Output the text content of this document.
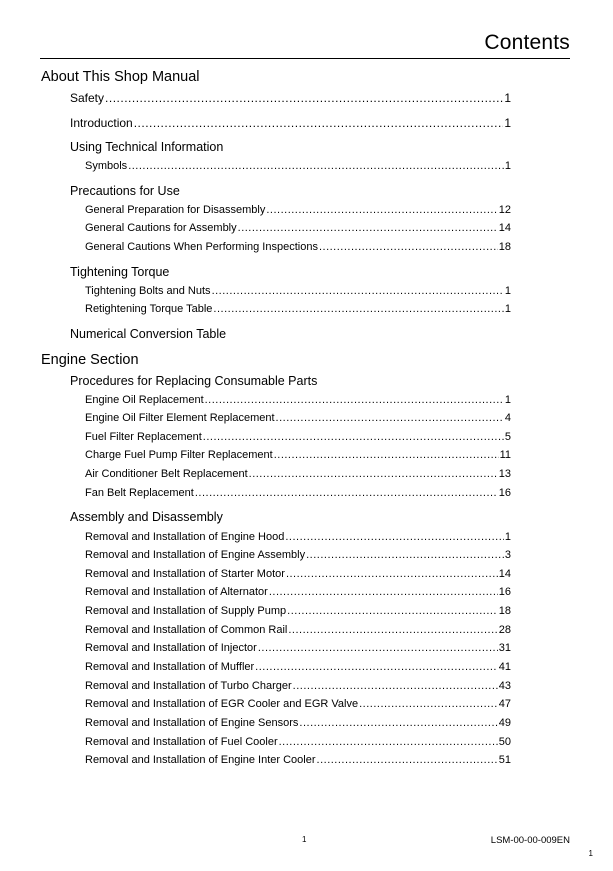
Contents
About This Shop Manual
Safety .....	1
Introduction .....	1
Using Technical Information
Symbols .....	1
Precautions for Use
General Preparation for Disassembly .....	12
General Cautions for Assembly .....	14
General Cautions When Performing Inspections .....	18
Tightening Torque
Tightening Bolts and Nuts .....	1
Retightening Torque Table .....	1
Numerical Conversion Table
Engine Section
Procedures for Replacing Consumable Parts
Engine Oil Replacement .....	1
Engine Oil Filter Element Replacement .....	4
Fuel Filter Replacement .....	5
Charge Fuel Pump Filter Replacement .....	11
Air Conditioner Belt Replacement .....	13
Fan Belt Replacement .....	16
Assembly and Disassembly
Removal and Installation of Engine Hood .....	1
Removal and Installation of Engine Assembly .....	3
Removal and Installation of Starter Motor .....	14
Removal and Installation of Alternator .....	16
Removal and Installation of Supply Pump .....	18
Removal and Installation of Common Rail .....	28
Removal and Installation of Injector .....	31
Removal and Installation of Muffler .....	41
Removal and Installation of Turbo Charger .....	43
Removal and Installation of EGR Cooler and EGR Valve .....	47
Removal and Installation of Engine Sensors .....	49
Removal and Installation of Fuel Cooler .....	50
Removal and Installation of Engine Inter Cooler .....	51
1	LSM-00-00-009EN
1
